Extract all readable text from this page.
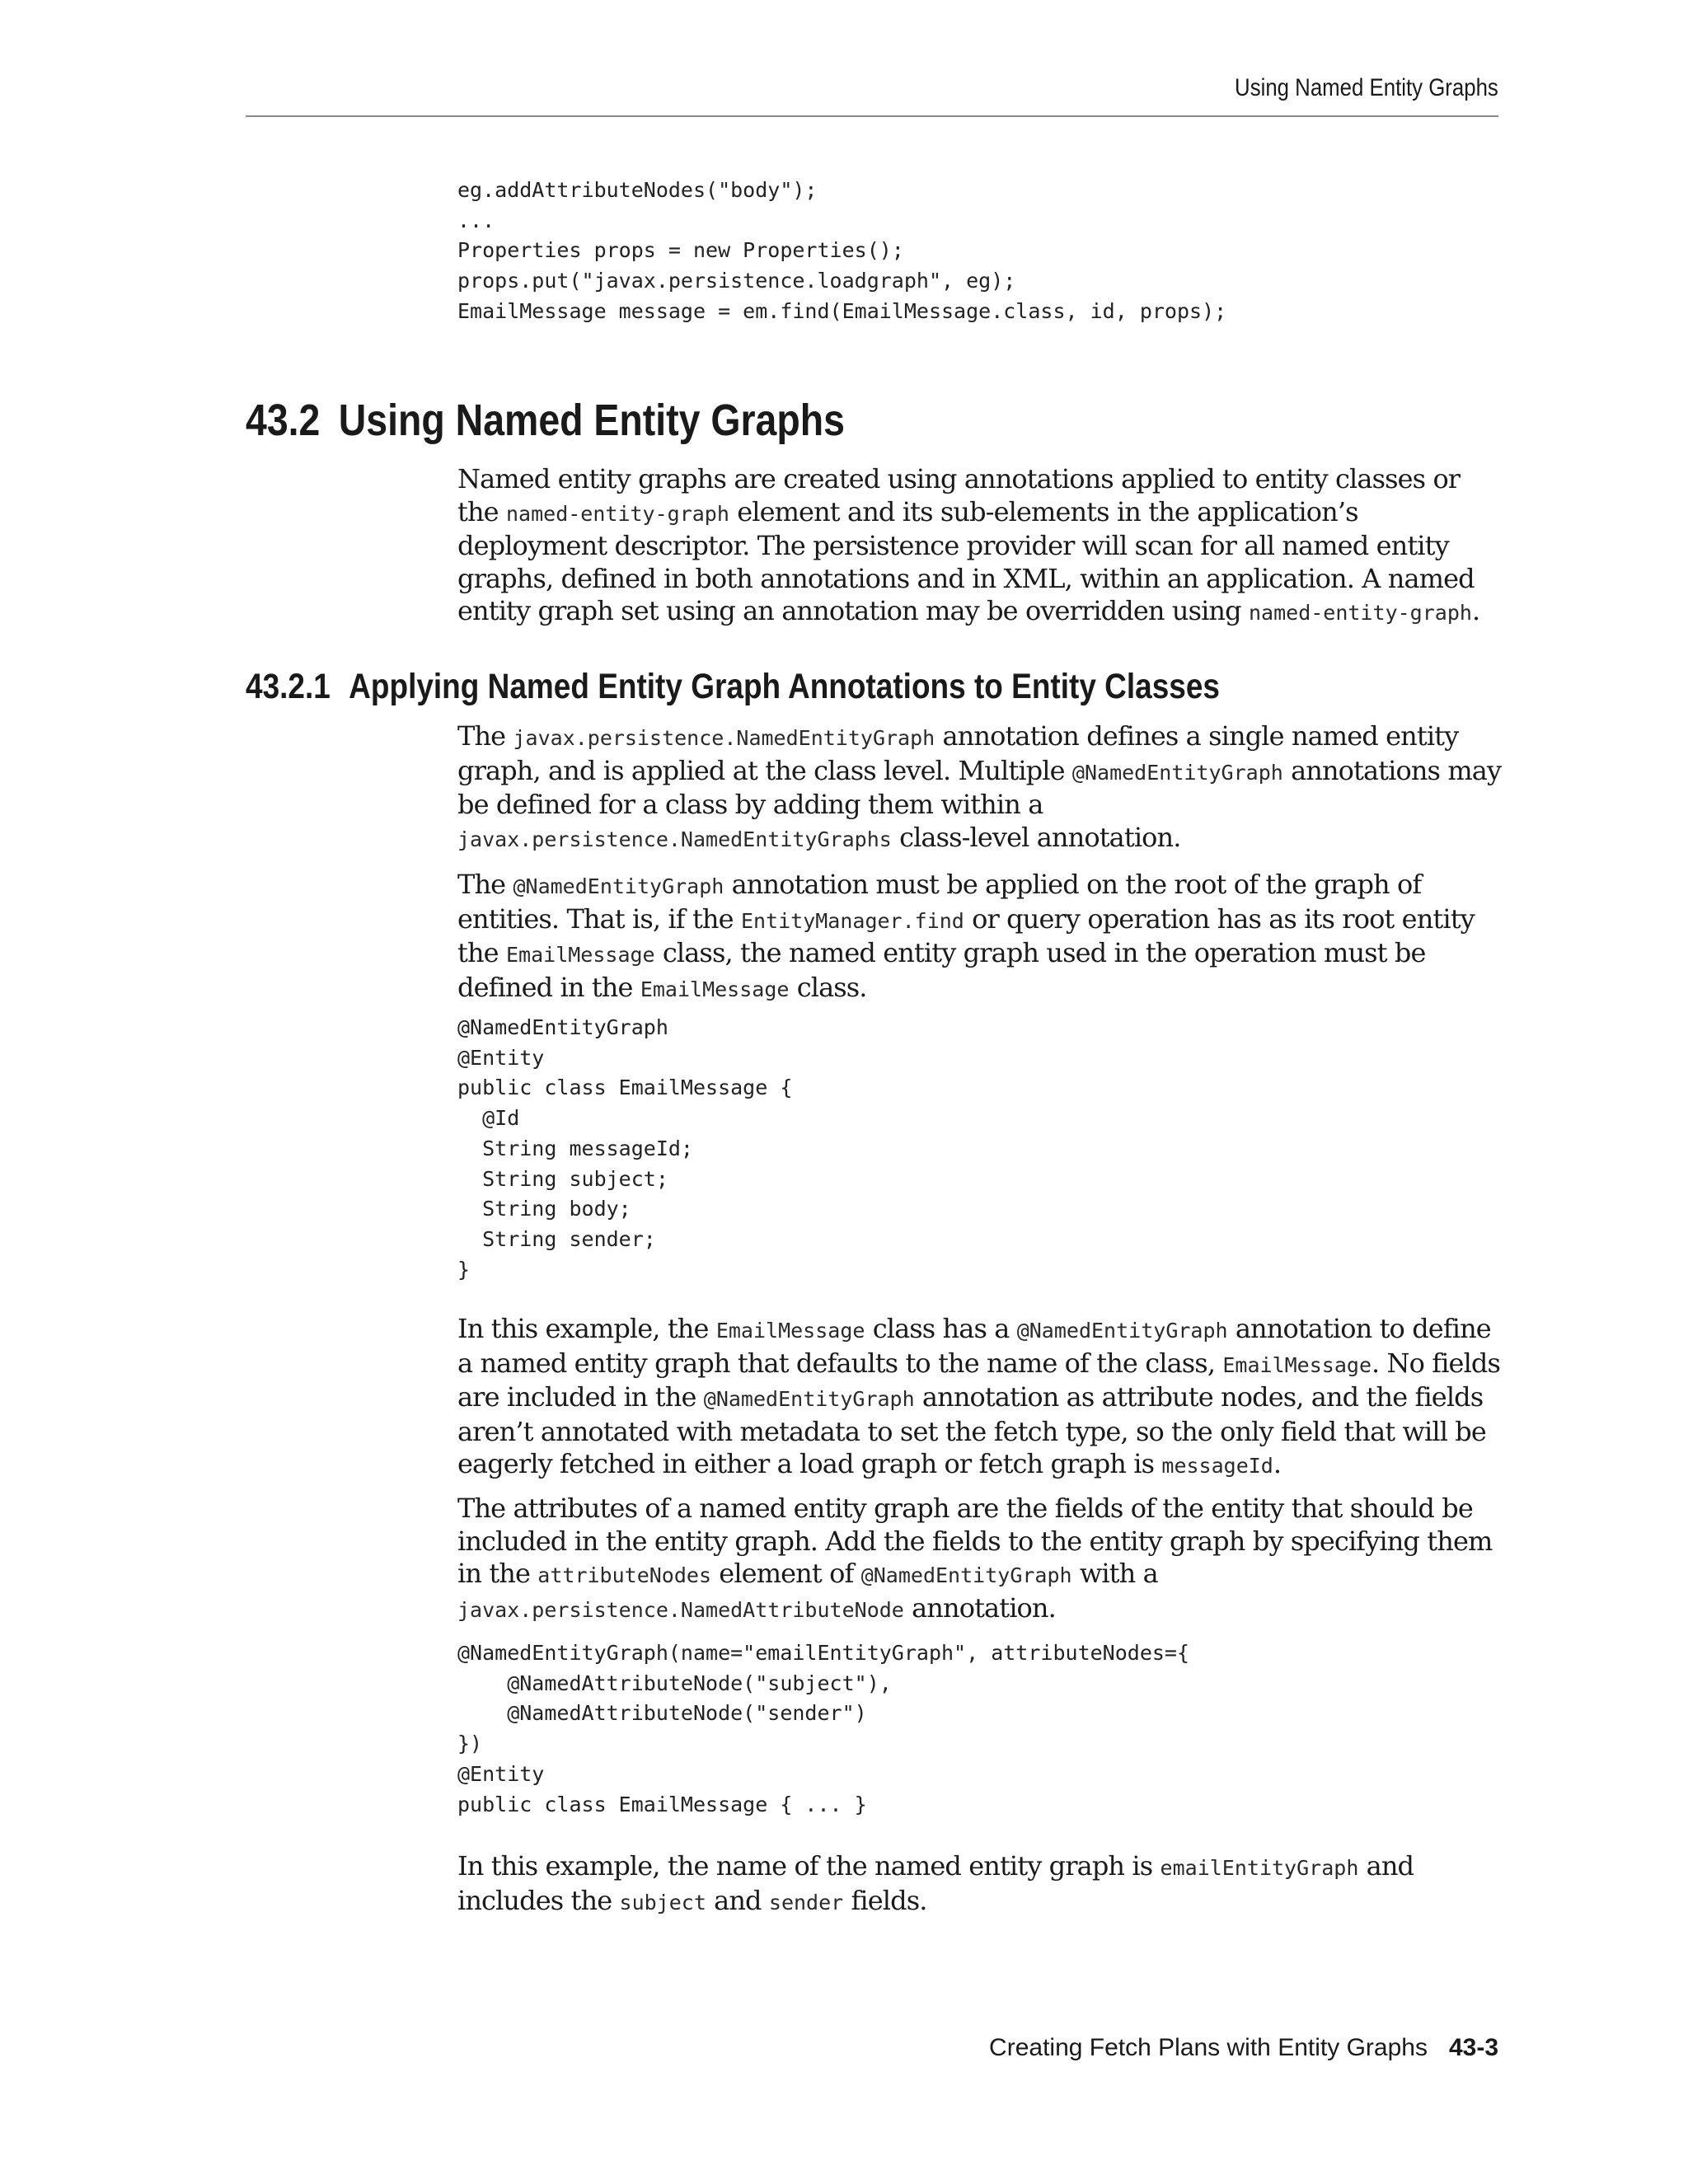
Using Named Entity Graphs
eg.addAttributeNodes("body");
...
Properties props = new Properties();
props.put("javax.persistence.loadgraph", eg);
EmailMessage message = em.find(EmailMessage.class, id, props);
43.2 Using Named Entity Graphs

Named entity graphs are created using annotations applied to entity classes or the named-entity-graph element and its sub-elements in the application’s deployment descriptor. The persistence provider will scan for all named entity graphs, defined in both annotations and in XML, within an application. A named entity graph set using an annotation may be overridden using named-entity-graph.

43.2.1 Applying Named Entity Graph Annotations to Entity Classes

The javax.persistence.NamedEntityGraph annotation defines a single named entity graph, and is applied at the class level. Multiple @NamedEntityGraph annotations may be defined for a class by adding them within a
javax.persistence.NamedEntityGraphs class-level annotation.

The @NamedEntityGraph annotation must be applied on the root of the graph of entities. That is, if the EntityManager.find or query operation has as its root entity the EmailMessage class, the named entity graph used in the operation must be defined in the EmailMessage class.

@NamedEntityGraph
@Entity
public class EmailMessage {
@Id
String messageId;
String subject;
String body;
String sender;
}

In this example, the EmailMessage class has a @NamedEntityGraph annotation to define a named entity graph that defaults to the name of the class, EmailMessage. No fields are included in the @NamedEntityGraph annotation as attribute nodes, and the fields aren’t annotated with metadata to set the fetch type, so the only field that will be eagerly fetched in either a load graph or fetch graph is messageId.

The attributes of a named entity graph are the fields of the entity that should be included in the entity graph. Add the fields to the entity graph by specifying them in the attributeNodes element of @NamedEntityGraph with a
javax.persistence.NamedAttributeNode annotation.

@NamedEntityGraph(name="emailEntityGraph", attributeNodes={
@NamedAttributeNode("subject"),
@NamedAttributeNode("sender")
})
@Entity
public class EmailMessage { ... }

In this example, the name of the named entity graph is emailEntityGraph and includes the subject and sender fields.

Creating Fetch Plans with Entity Graphs 43-3
